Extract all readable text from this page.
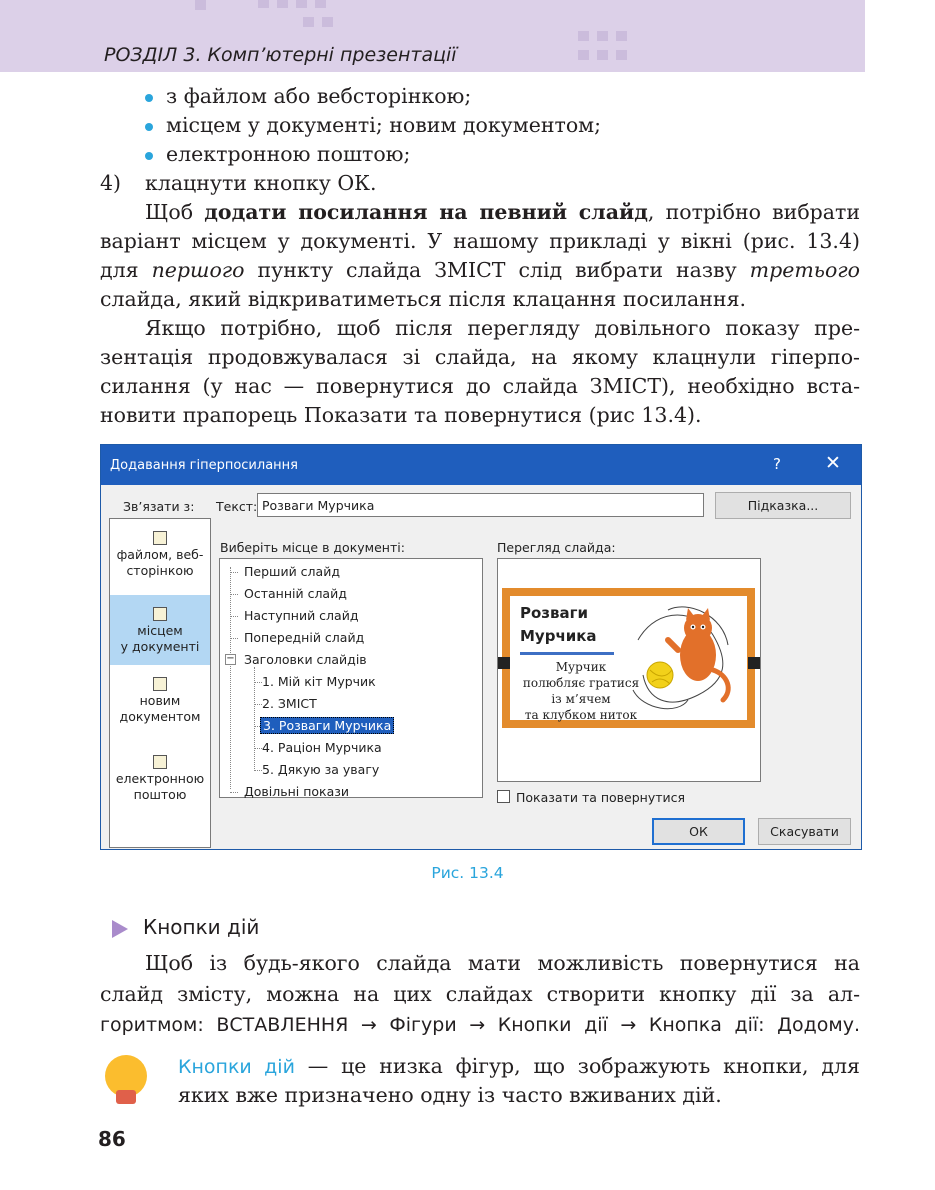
РОЗДІЛ 3. Комп’ютерні презентації
з файлом або вебсторінкою;
місцем у документі; новим документом;
електронною поштою;
4) клацнути кнопку ОК.
Щоб додати посилання на певний слайд, потрібно вибрати
варіант місцем у документі. У нашому прикладі у вікні (рис. 13.4)
для першого пункту слайда ЗМІСТ слід вибрати назву третього
слайда, який відкриватиметься після клацання посилання.
Якщо потрібно, щоб після перегляду довільного показу пре-
зентація продовжувалася зі слайда, на якому клацнули гіперпо-
силання (у нас — повернутися до слайда ЗМІСТ), необхідно вста-
новити прапорець Показати та повернутися (рис 13.4).
Додавання гіперпосилання	? ✕
Зв’язати з: Текст: Розваги Мурчика	Підказка...
файлом, веб-
сторінкою
місцем
у документі
новим
документом
електронною
поштою
Виберіть місце в документі:	Перегляд слайда:
Перший слайд
Останній слайд
Наступний слайд
Попередній слайд
− Заголовки слайдів
1. Мій кіт Мурчик
2. ЗМІСТ
3. Розваги Мурчика
4. Раціон Мурчика
5. Дякую за увагу
Довільні покази
Розваги
Мурчика
Мурчик
полюбляє гратися
із м’ячем
та клубком ниток
Показати та повернутися
ОК	Скасувати
Рис. 13.4
Кнопки дій
Щоб із будь-якого слайда мати можливість повернутися на
слайд змісту, можна на цих слайдах створити кнопку дії за ал-
горитмом: ВСТАВЛЕННЯ → Фігури → Кнопки дії → Кнопка дії: Додому.
Кнопки дій — це низка фігур, що зображують кнопки, для
яких вже призначено одну із часто вживаних дій.
86
